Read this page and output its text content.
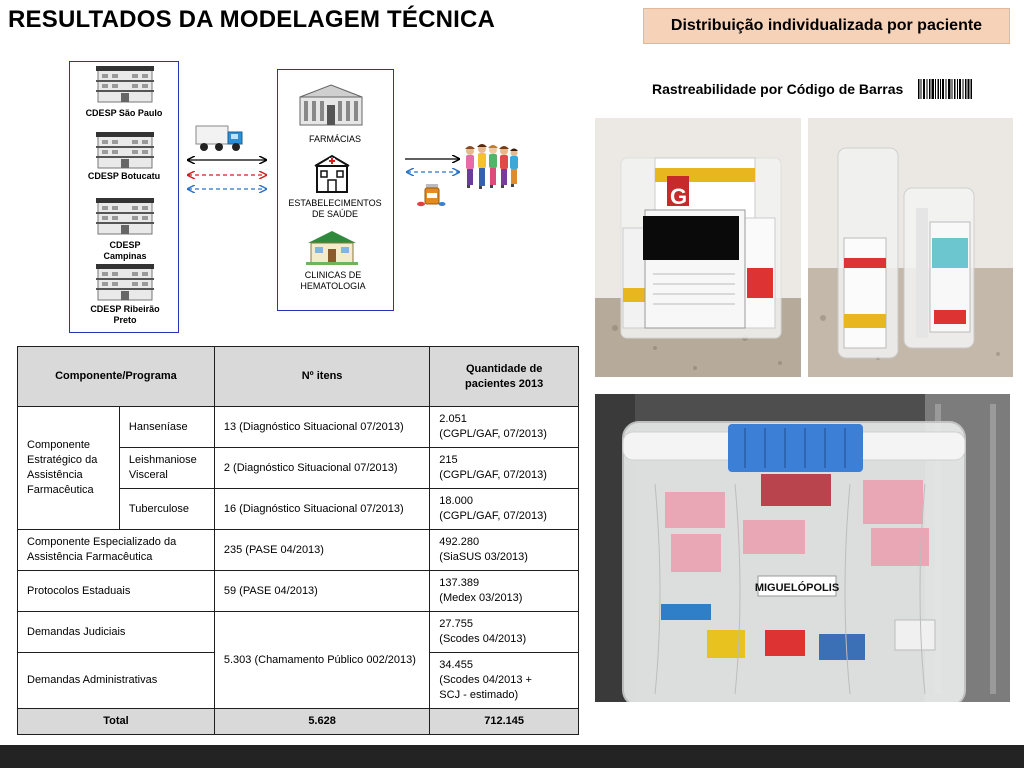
RESULTADOS DA MODELAGEM TÉCNICA	Distribuição individualizada por paciente
Rastreabilidade por Código de Barras
CDESP São Paulo
CDESP Botucatu
CDESP Campinas
CDESP Ribeirão Preto
FARMÁCIAS
ESTABELECIMENTOS DE SAÚDE
CLINICAS DE HEMATOLOGIA
Componente/Programa		Nº itens	Quantidade de pacientes 2013
Componente Estratégico da Assistência Farmacêutica	Hanseníase	13 (Diagnóstico Situacional 07/2013)	2.051
(CGPL/GAF, 07/2013)

	Leishmaniose Visceral	2 (Diagnóstico Situacional 07/2013)	215
(CGPL/GAF, 07/2013)

	Tuberculose	16 (Diagnóstico Situacional 07/2013)	18.000
(CGPL/GAF, 07/2013)

Componente Especializado da Assistência Farmacêutica		235 (PASE 04/2013)	492.280
(SiaSUS 03/2013)

Protocolos Estaduais		59 (PASE 04/2013)	137.389
(Medex 03/2013)

Demandas Judiciais		5.303 (Chamamento Público 002/2013)	27.755
(Scodes 04/2013)

Demandas Administrativas			34.455
(Scodes 04/2013 +
SCJ - estimado)

Total		5.628	712.145
G
MIGUELÓPOLIS
